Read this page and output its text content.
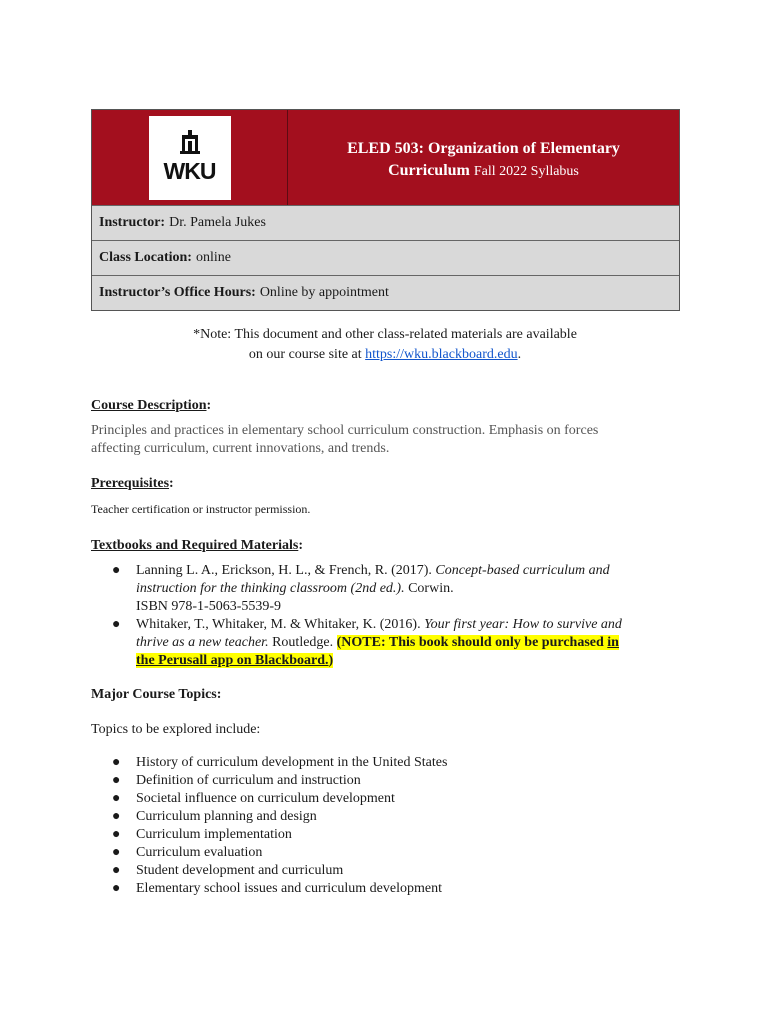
WKU
ELED 503: Organization of Elementary
Curriculum Fall 2022 Syllabus
Instructor: Dr. Pamela Jukes
Class Location: online
Instructor’s Office Hours: Online by appointment
*Note: This document and other class-related materials are available
on our course site at https://wku.blackboard.edu.
Course Description:
Principles and practices in elementary school curriculum construction. Emphasis on forces
affecting curriculum, current innovations, and trends.
Prerequisites:
Teacher certification or instructor permission.
Textbooks and Required Materials:
● Lanning L. A., Erickson, H. L., & French, R. (2017). Concept-based curriculum and
instruction for the thinking classroom (2nd ed.). Corwin.
ISBN 978-1-5063-5539-9
● Whitaker, T., Whitaker, M. & Whitaker, K. (2016). Your first year: How to survive and
thrive as a new teacher. Routledge. (NOTE: This book should only be purchased in
the Perusall app on Blackboard.)
Major Course Topics:
Topics to be explored include:
● History of curriculum development in the United States
● Definition of curriculum and instruction
● Societal influence on curriculum development
● Curriculum planning and design
● Curriculum implementation
● Curriculum evaluation
● Student development and curriculum
● Elementary school issues and curriculum development
